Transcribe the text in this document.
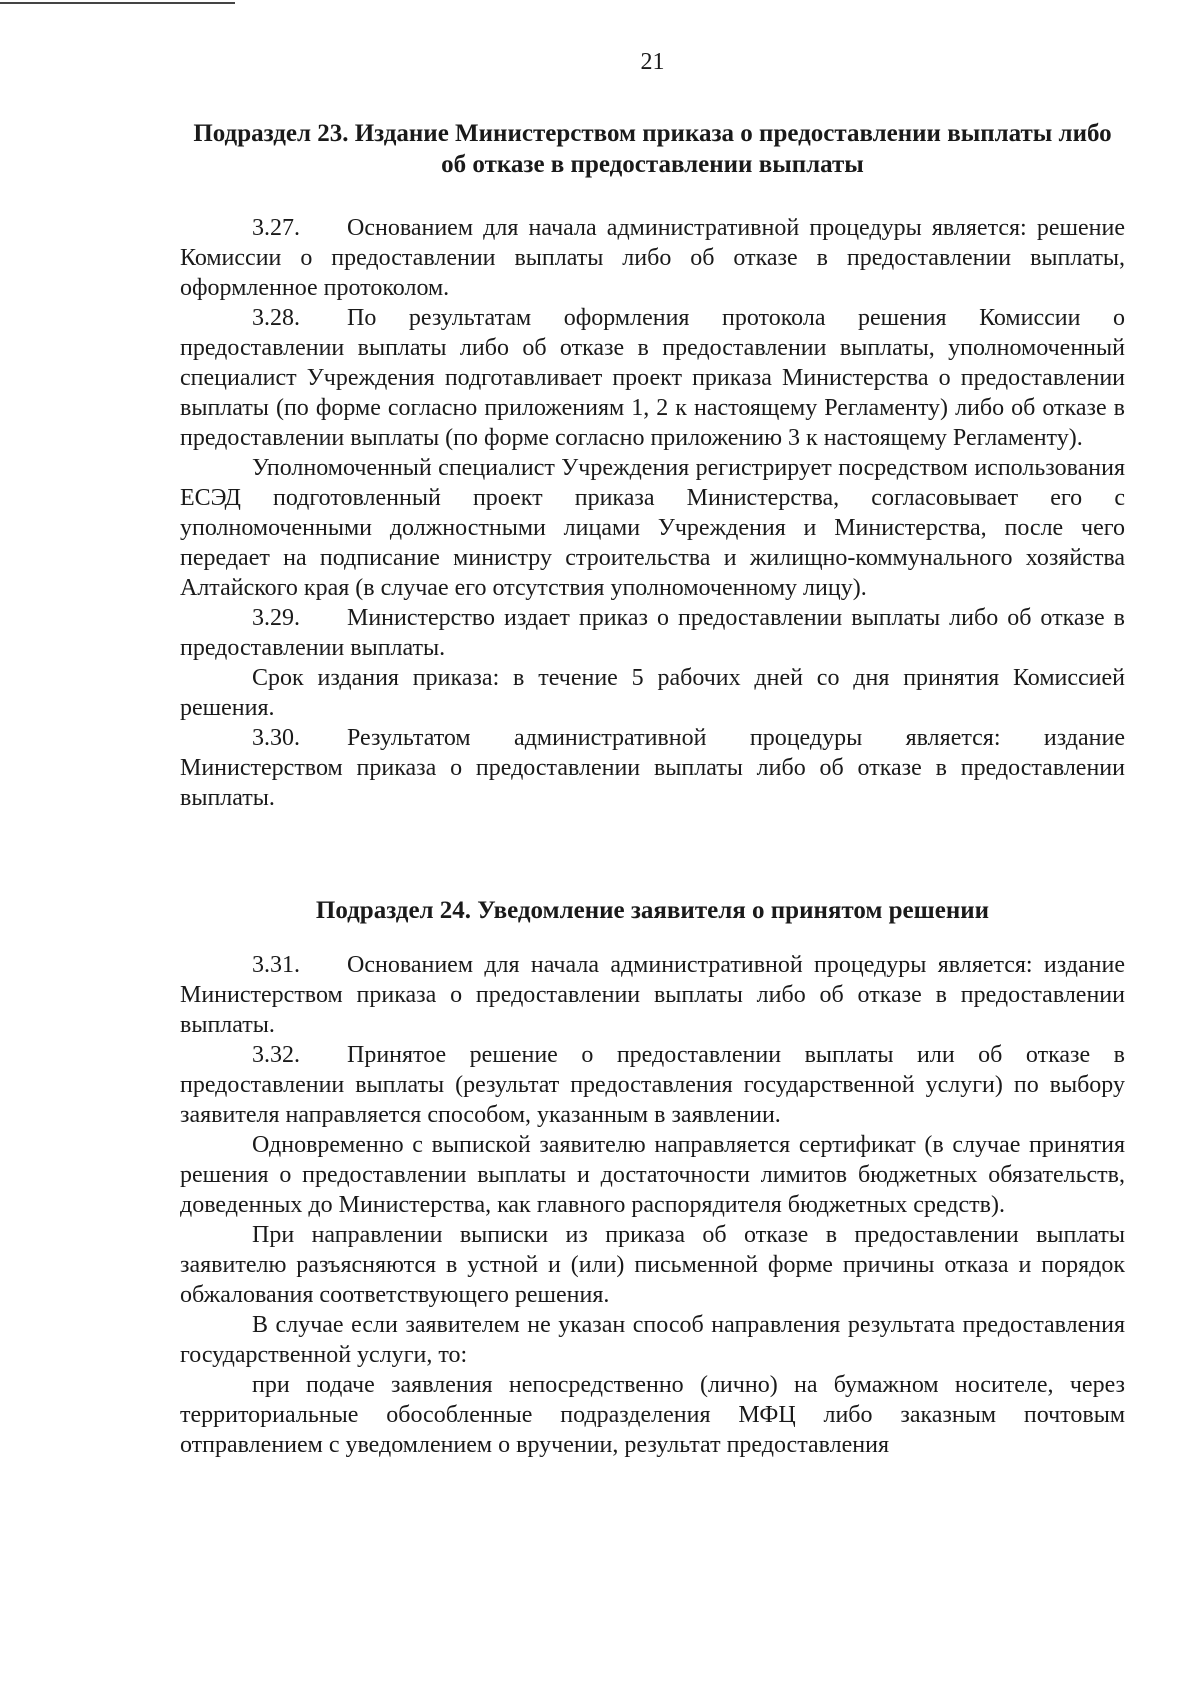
21
Подраздел 23. Издание Министерством приказа о предоставлении выплаты либо об отказе в предоставлении выплаты

3.27. Основанием для начала административной процедуры является: решение Комиссии о предоставлении выплаты либо об отказе в предоставлении выплаты, оформленное протоколом.

3.28. По результатам оформления протокола решения Комиссии о предоставлении выплаты либо об отказе в предоставлении выплаты, уполномоченный специалист Учреждения подготавливает проект приказа Министерства о предоставлении выплаты (по форме согласно приложениям 1, 2 к настоящему Регламенту) либо об отказе в предоставлении выплаты (по форме согласно приложению 3 к настоящему Регламенту).

Уполномоченный специалист Учреждения регистрирует посредством использования ЕСЭД подготовленный проект приказа Министерства, согласовывает его с уполномоченными должностными лицами Учреждения и Министерства, после чего передает на подписание министру строительства и жилищно-коммунального хозяйства Алтайского края (в случае его отсутствия уполномоченному лицу).

3.29. Министерство издает приказ о предоставлении выплаты либо об отказе в предоставлении выплаты.

Срок издания приказа: в течение 5 рабочих дней со дня принятия Комиссией решения.

3.30. Результатом административной процедуры является: издание Министерством приказа о предоставлении выплаты либо об отказе в предоставлении выплаты.

Подраздел 24. Уведомление заявителя о принятом решении

3.31. Основанием для начала административной процедуры является: издание Министерством приказа о предоставлении выплаты либо об отказе в предоставлении выплаты.

3.32. Принятое решение о предоставлении выплаты или об отказе в предоставлении выплаты (результат предоставления государственной услуги) по выбору заявителя направляется способом, указанным в заявлении.

Одновременно с выпиской заявителю направляется сертификат (в случае принятия решения о предоставлении выплаты и достаточности лимитов бюджетных обязательств, доведенных до Министерства, как главного распорядителя бюджетных средств).

При направлении выписки из приказа об отказе в предоставлении выплаты заявителю разъясняются в устной и (или) письменной форме причины отказа и порядок обжалования соответствующего решения.

В случае если заявителем не указан способ направления результата предоставления государственной услуги, то:

при подаче заявления непосредственно (лично) на бумажном носителе, через территориальные обособленные подразделения МФЦ либо заказным почтовым отправлением с уведомлением о вручении, результат предоставления
